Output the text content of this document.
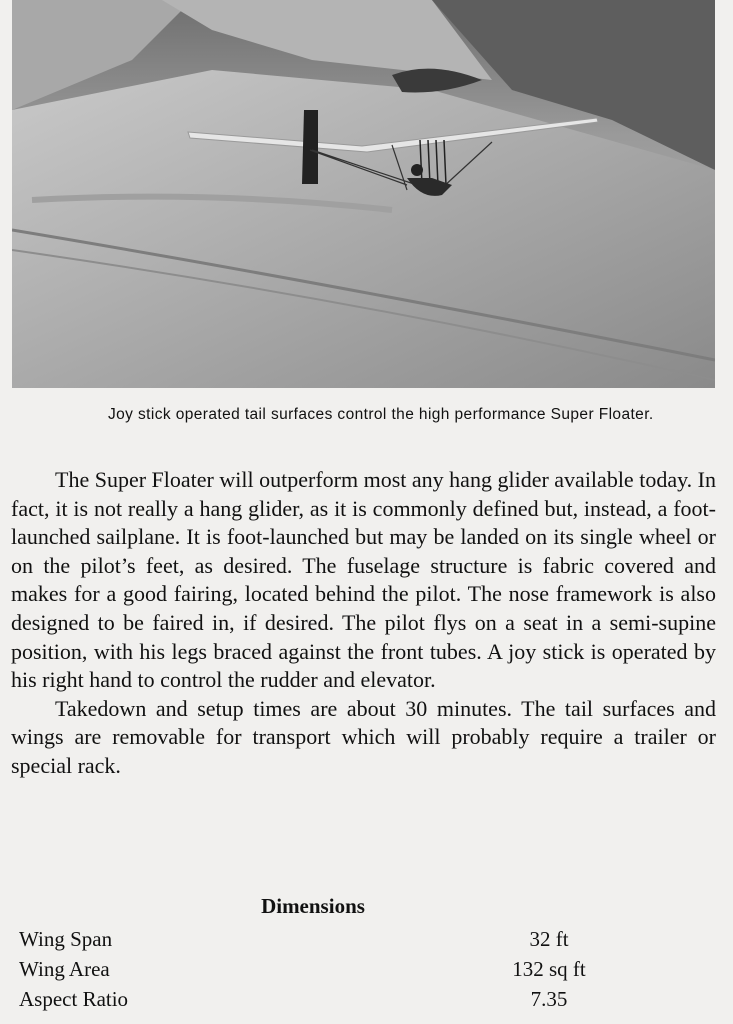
Joy stick operated tail surfaces control the high performance Super Floater.

The Super Floater will outperform most any hang glider available today. In fact, it is not really a hang glider, as it is commonly defined but, instead, a foot-launched sailplane. It is foot-launched but may be landed on its single wheel or on the pilot’s feet, as desired. The fuselage structure is fabric covered and makes for a good fairing, located behind the pilot. The nose framework is also designed to be faired in, if desired. The pilot flys on a seat in a semi-supine position, with his legs braced against the front tubes. A joy stick is operated by his right hand to control the rudder and elevator.

Takedown and setup times are about 30 minutes. The tail surfaces and wings are removable for transport which will probably require a trailer or special rack.

Dimensions
Wing Span	32 ft
Wing Area	132 sq ft
Aspect Ratio	7.35
